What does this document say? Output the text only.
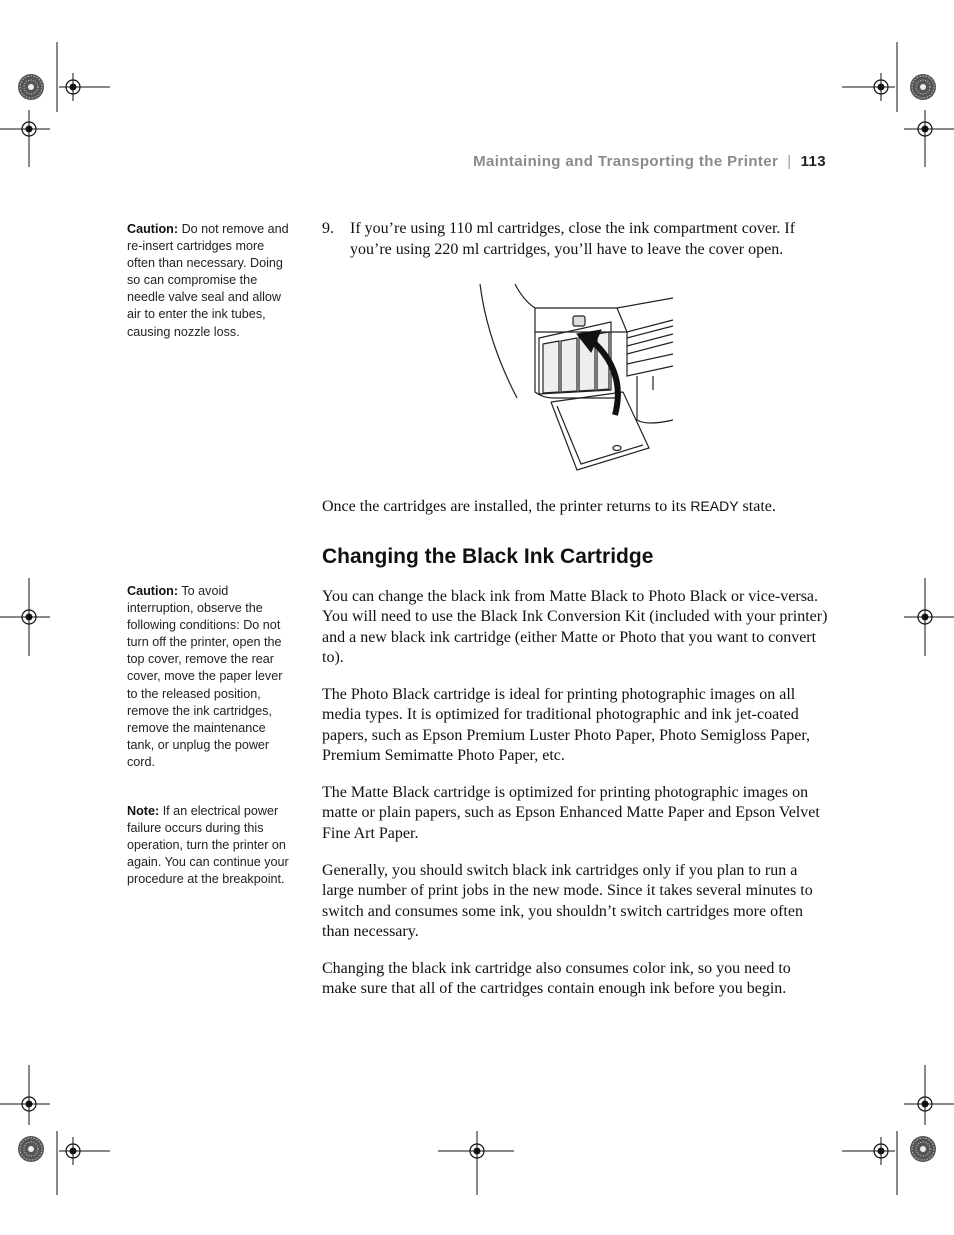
Maintaining and Transporting the Printer | 113
Caution: Do not remove and re-insert cartridges more often than necessary. Doing so can compromise the needle valve seal and allow air to enter the ink tubes, causing nozzle loss.
Caution: To avoid interruption, observe the following conditions: Do not turn off the printer, open the top cover, remove the rear cover, move the paper lever to the released position, remove the ink cartridges, remove the maintenance tank, or unplug the power cord.
Note: If an electrical power failure occurs during this operation, turn the printer on again. You can continue your procedure at the breakpoint.
9. If you’re using 110 ml cartridges, close the ink compartment cover. If you’re using 220 ml cartridges, you’ll have to leave the cover open.

Once the cartridges are installed, the printer returns to its READY state.

Changing the Black Ink Cartridge

You can change the black ink from Matte Black to Photo Black or vice-versa. You will need to use the Black Ink Conversion Kit (included with your printer) and a new black ink cartridge (either Matte or Photo that you want to convert to).

The Photo Black cartridge is ideal for printing photographic images on all media types. It is optimized for traditional photographic and ink jet-coated papers, such as Epson Premium Luster Photo Paper, Photo Semigloss Paper, Premium Semimatte Photo Paper, etc.

The Matte Black cartridge is optimized for printing photographic images on matte or plain papers, such as Epson Enhanced Matte Paper and Epson Velvet Fine Art Paper.

Generally, you should switch black ink cartridges only if you plan to run a large number of print jobs in the new mode. Since it takes several minutes to switch and consumes some ink, you shouldn’t switch cartridges more often than necessary.

Changing the black ink cartridge also consumes color ink, so you need to make sure that all of the cartridges contain enough ink before you begin.
